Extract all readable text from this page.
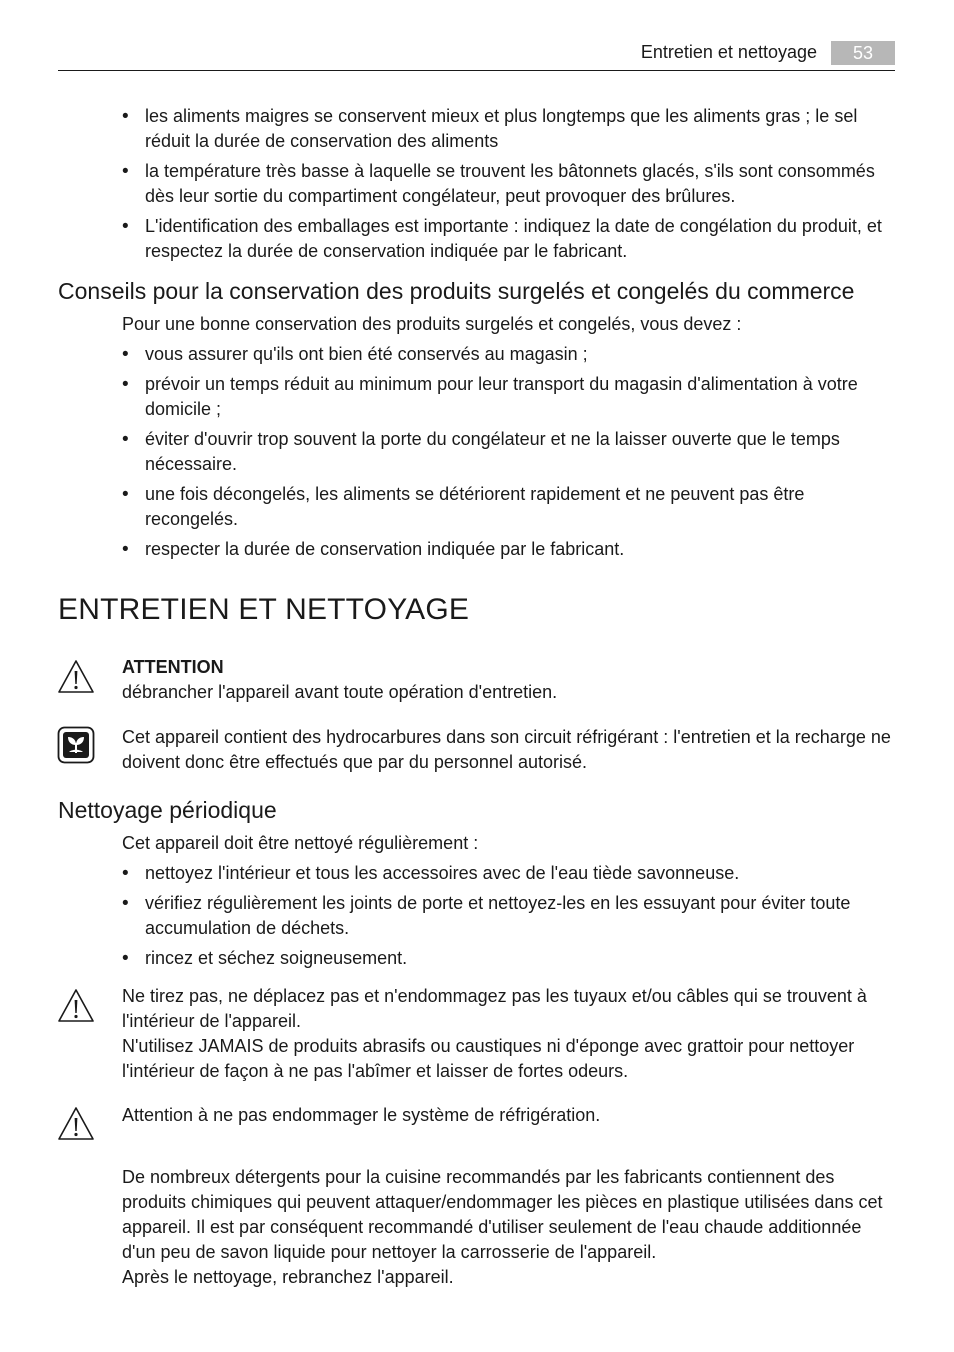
Entretien et nettoyage	53
• les aliments maigres se conservent mieux et plus longtemps que les aliments gras ; le sel réduit la durée de conservation des aliments
• la température très basse à laquelle se trouvent les bâtonnets glacés, s'ils sont consommés dès leur sortie du compartiment congélateur, peut provoquer des brûlures.
• L'identification des emballages est importante : indiquez la date de congélation du produit, et respectez la durée de conservation indiquée par le fabricant.
Conseils pour la conservation des produits surgelés et congelés du commerce

Pour une bonne conservation des produits surgelés et congelés, vous devez :

• vous assurer qu'ils ont bien été conservés au magasin ;
• prévoir un temps réduit au minimum pour leur transport du magasin d'alimentation à votre domicile ;
• éviter d'ouvrir trop souvent la porte du congélateur et ne la laisser ouverte que le temps nécessaire.
• une fois décongelés, les aliments se détériorent rapidement et ne peuvent pas être recongelés.
• respecter la durée de conservation indiquée par le fabricant.
ENTRETIEN ET NETTOYAGE
ATTENTION
débrancher l'appareil avant toute opération d'entretien.
Cet appareil contient des hydrocarbures dans son circuit réfrigérant : l'entretien et la recharge ne doivent donc être effectués que par du personnel autorisé.
Nettoyage périodique

Cet appareil doit être nettoyé régulièrement :

• nettoyez l'intérieur et tous les accessoires avec de l'eau tiède savonneuse.
• vérifiez régulièrement les joints de porte et nettoyez-les en les essuyant pour éviter toute accumulation de déchets.
• rincez et séchez soigneusement.
Ne tirez pas, ne déplacez pas et n'endommagez pas les tuyaux et/ou câbles qui se trouvent à l'intérieur de l'appareil.
N'utilisez JAMAIS de produits abrasifs ou caustiques ni d'éponge avec grattoir pour nettoyer l'intérieur de façon à ne pas l'abîmer et laisser de fortes odeurs.
Attention à ne pas endommager le système de réfrigération.
De nombreux détergents pour la cuisine recommandés par les fabricants contiennent des produits chimiques qui peuvent attaquer/endommager les pièces en plastique utilisées dans cet appareil. Il est par conséquent recommandé d'utiliser seulement de l'eau chaude additionnée d'un peu de savon liquide pour nettoyer la carrosserie de l'appareil.
Après le nettoyage, rebranchez l'appareil.
